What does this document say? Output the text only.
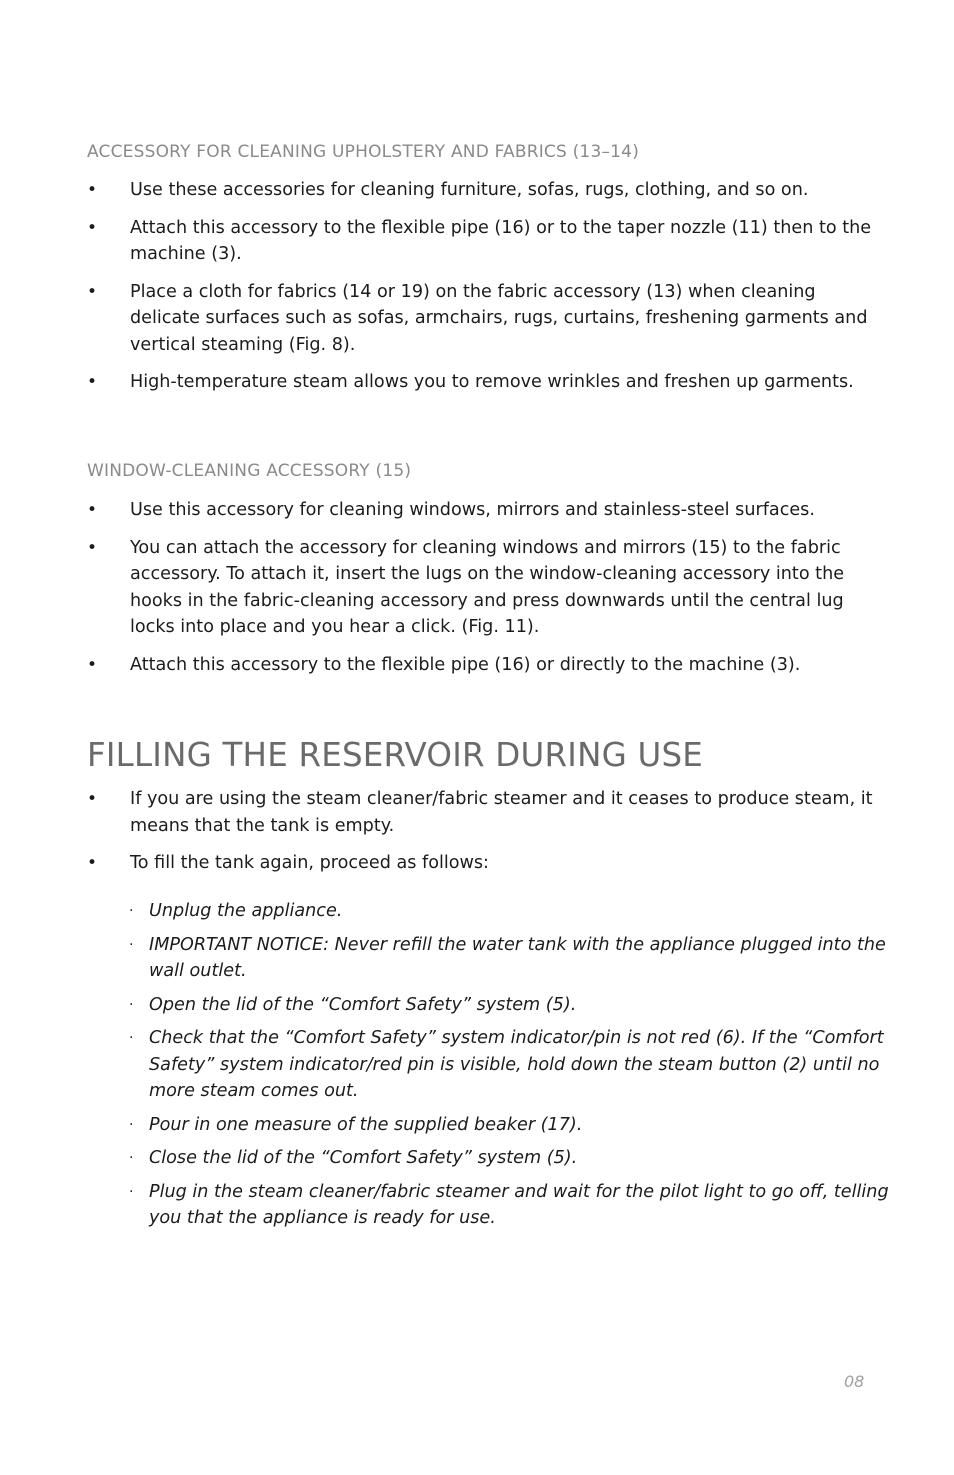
ACCESSORY FOR CLEANING UPHOLSTERY AND FABRICS (13–14)
• Use these accessories for cleaning furniture, sofas, rugs, clothing, and so on.
• Attach this accessory to the flexible pipe (16) or to the taper nozzle (11) then to the machine (3).
• Place a cloth for fabrics (14 or 19) on the fabric accessory (13) when cleaning delicate surfaces such as sofas, armchairs, rugs, curtains, freshening garments and vertical steaming (Fig. 8).
• High-temperature steam allows you to remove wrinkles and freshen up garments.
WINDOW-CLEANING ACCESSORY (15)
• Use this accessory for cleaning windows, mirrors and stainless-steel surfaces.
• You can attach the accessory for cleaning windows and mirrors (15) to the fabric accessory. To attach it, insert the lugs on the window-cleaning accessory into the hooks in the fabric-cleaning accessory and press downwards until the central lug locks into place and you hear a click. (Fig. 11).
• Attach this accessory to the flexible pipe (16) or directly to the machine (3).
FILLING THE RESERVOIR DURING USE
• If you are using the steam cleaner/fabric steamer and it ceases to produce steam, it means that the tank is empty.
• To fill the tank again, proceed as follows:
· Unplug the appliance.
· IMPORTANT NOTICE: Never refill the water tank with the appliance plugged into the wall outlet.
· Open the lid of the “Comfort Safety” system (5).
· Check that the “Comfort Safety” system indicator/pin is not red (6). If the “Comfort Safety” system indicator/red pin is visible, hold down the steam button (2) until no more steam comes out.
· Pour in one measure of the supplied beaker (17).
· Close the lid of the “Comfort Safety” system (5).
· Plug in the steam cleaner/fabric steamer and wait for the pilot light to go off, telling you that the appliance is ready for use.
08
